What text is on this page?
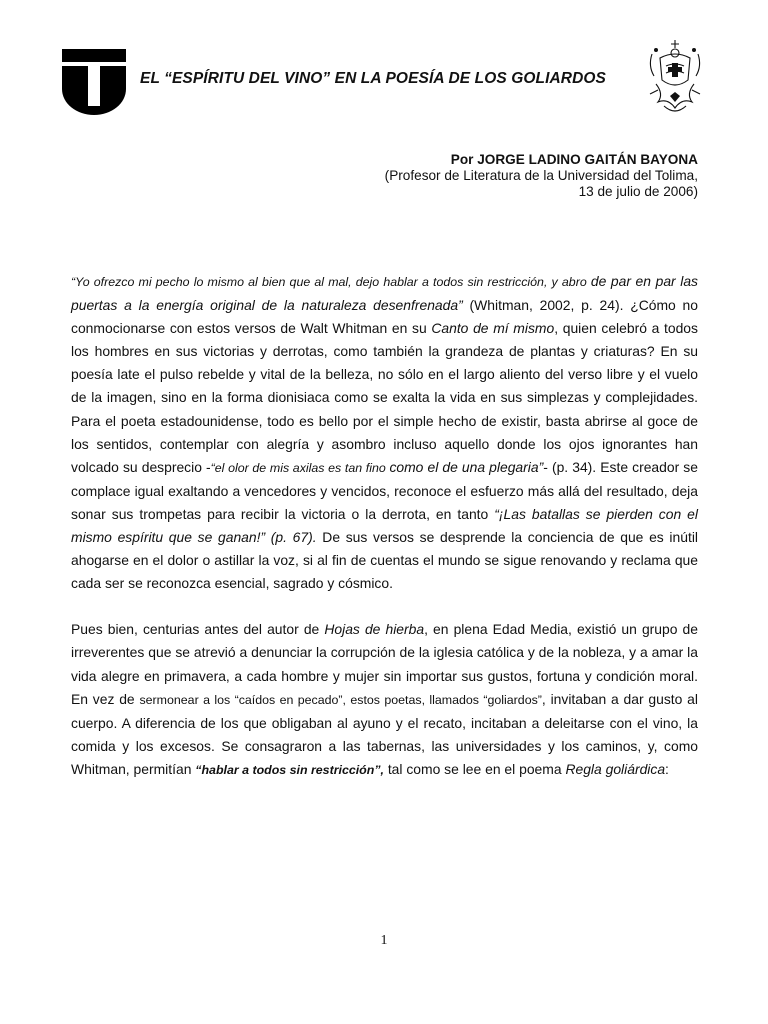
EL “ESPÍRITU DEL VINO” EN LA POESÍA DE LOS GOLIARDOS
Por JORGE LADINO GAITÁN BAYONA
(Profesor de Literatura de la Universidad del Tolima,
13 de julio de 2006)

“Yo ofrezco mi pecho lo mismo al bien que al mal, dejo hablar a todos sin restricción, y abro de par en par las puertas a la energía original de la naturaleza desenfrenada” (Whitman, 2002, p. 24). ¿Cómo no conmocionarse con estos versos de Walt Whitman en su Canto de mí mismo, quien celebró a todos los hombres en sus victorias y derrotas, como también la grandeza de plantas y criaturas? En su poesía late el pulso rebelde y vital de la belleza, no sólo en el largo aliento del verso libre y el vuelo de la imagen, sino en la forma dionisiaca como se exalta la vida en sus simplezas y complejidades. Para el poeta estadounidense, todo es bello por el simple hecho de existir, basta abrirse al goce de los sentidos, contemplar con alegría y asombro incluso aquello donde los ojos ignorantes han volcado su desprecio -“el olor de mis axilas es tan fino como el de una plegaria”- (p. 34). Este creador se complace igual exaltando a vencedores y vencidos, reconoce el esfuerzo más allá del resultado, deja sonar sus trompetas para recibir la victoria o la derrota, en tanto “¡Las batallas se pierden con el mismo espíritu que se ganan!” (p. 67). De sus versos se desprende la conciencia de que es inútil ahogarse en el dolor o astillar la voz, si al fin de cuentas el mundo se sigue renovando y reclama que cada ser se reconozca esencial, sagrado y cósmico.

Pues bien, centurias antes del autor de Hojas de hierba, en plena Edad Media, existió un grupo de irreverentes que se atrevió a denunciar la corrupción de la iglesia católica y de la nobleza, y a amar la vida alegre en primavera, a cada hombre y mujer sin importar sus gustos, fortuna y condición moral. En vez de sermonear a los “caídos en pecado”, estos poetas, llamados “goliardos”, invitaban a dar gusto al cuerpo. A diferencia de los que obligaban al ayuno y el recato, incitaban a deleitarse con el vino, la comida y los excesos. Se consagraron a las tabernas, las universidades y los caminos, y, como Whitman, permitían “hablar a todos sin restricción”, tal como se lee en el poema Regla goliárdica:

1
